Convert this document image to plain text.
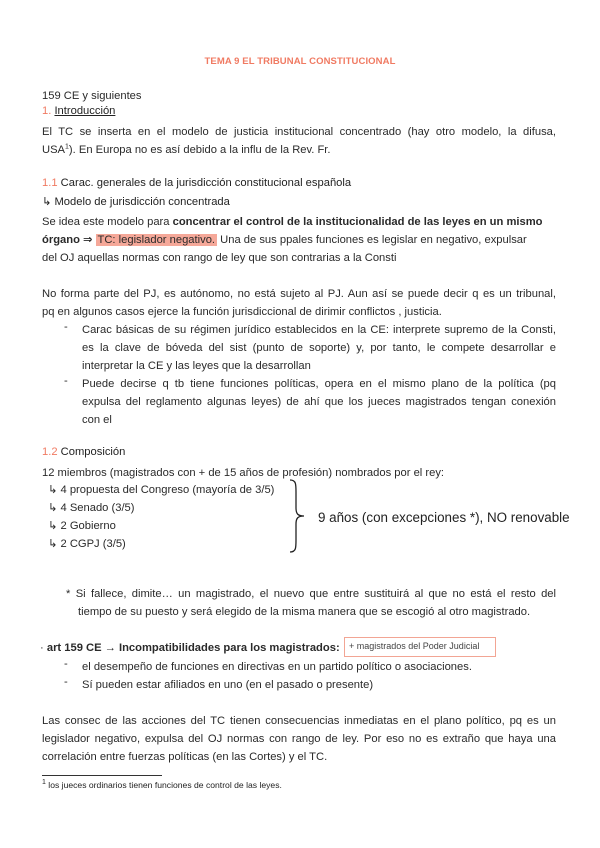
TEMA 9 EL TRIBUNAL CONSTITUCIONAL
159 CE y siguientes
1. Introducción
El TC se inserta en el modelo de justicia institucional concentrado (hay otro modelo, la difusa,
USA$^1$). En Europa no es así debido a la influ de la Rev. Fr.
1.1 Carac. generales de la jurisdicción constitucional española
↳ Modelo de jurisdicción concentrada
Se idea este modelo para concentrar el control de la institucionalidad de las leyes en un mismo
órgano ⇒ TC: legislador negativo. Una de sus ppales funciones es legislar en negativo, expulsar
del OJ aquellas normas con rango de ley que son contrarias a la Consti
No forma parte del PJ, es autónomo, no está sujeto al PJ. Aun así se puede decir q es un tribunal,
pq en algunos casos ejerce la función jurisdiccional de dirimir conflictos , justicia.
- Carac básicas de su régimen jurídico establecidos en la CE: interprete supremo de la Consti,
es la clave de bóveda del sist (punto de soporte) y, por tanto, le compete desarrollar e
interpretar la CE y las leyes que la desarrollan
- Puede decirse q tb tiene funciones políticas, opera en el mismo plano de la política (pq
expulsa del reglamento algunas leyes) de ahí que los jueces magistrados tengan conexión
con el
1.2 Composición
12 miembros (magistrados con + de 15 años de profesión) nombrados por el rey:
↳ 4 propuesta del Congreso (mayoría de 3/5)
↳ 4 Senado (3/5)
↳ 2 Gobierno
↳ 2 CGPJ (3/5)
9 años (con excepciones *), NO renovable
* Si fallece, dimite… un magistrado, el nuevo que entre sustituirá al que no está el resto del
tiempo de su puesto y será elegido de la misma manera que se escogió al otro magistrado.
· art 159 CE → Incompatibilidades para los magistrados: + magistrados del Poder Judicial
- el desempeño de funciones en directivas en un partido político o asociaciones.
- Sí pueden estar afiliados en uno (en el pasado o presente)
Las consec de las acciones del TC tienen consecuencias inmediatas en el plano político, pq es un
legislador negativo, expulsa del OJ normas con rango de ley. Por eso no es extraño que haya una
correlación entre fuerzas políticas (en las Cortes) y el TC.
$^1$ los jueces ordinarios tienen funciones de control de las leyes.
